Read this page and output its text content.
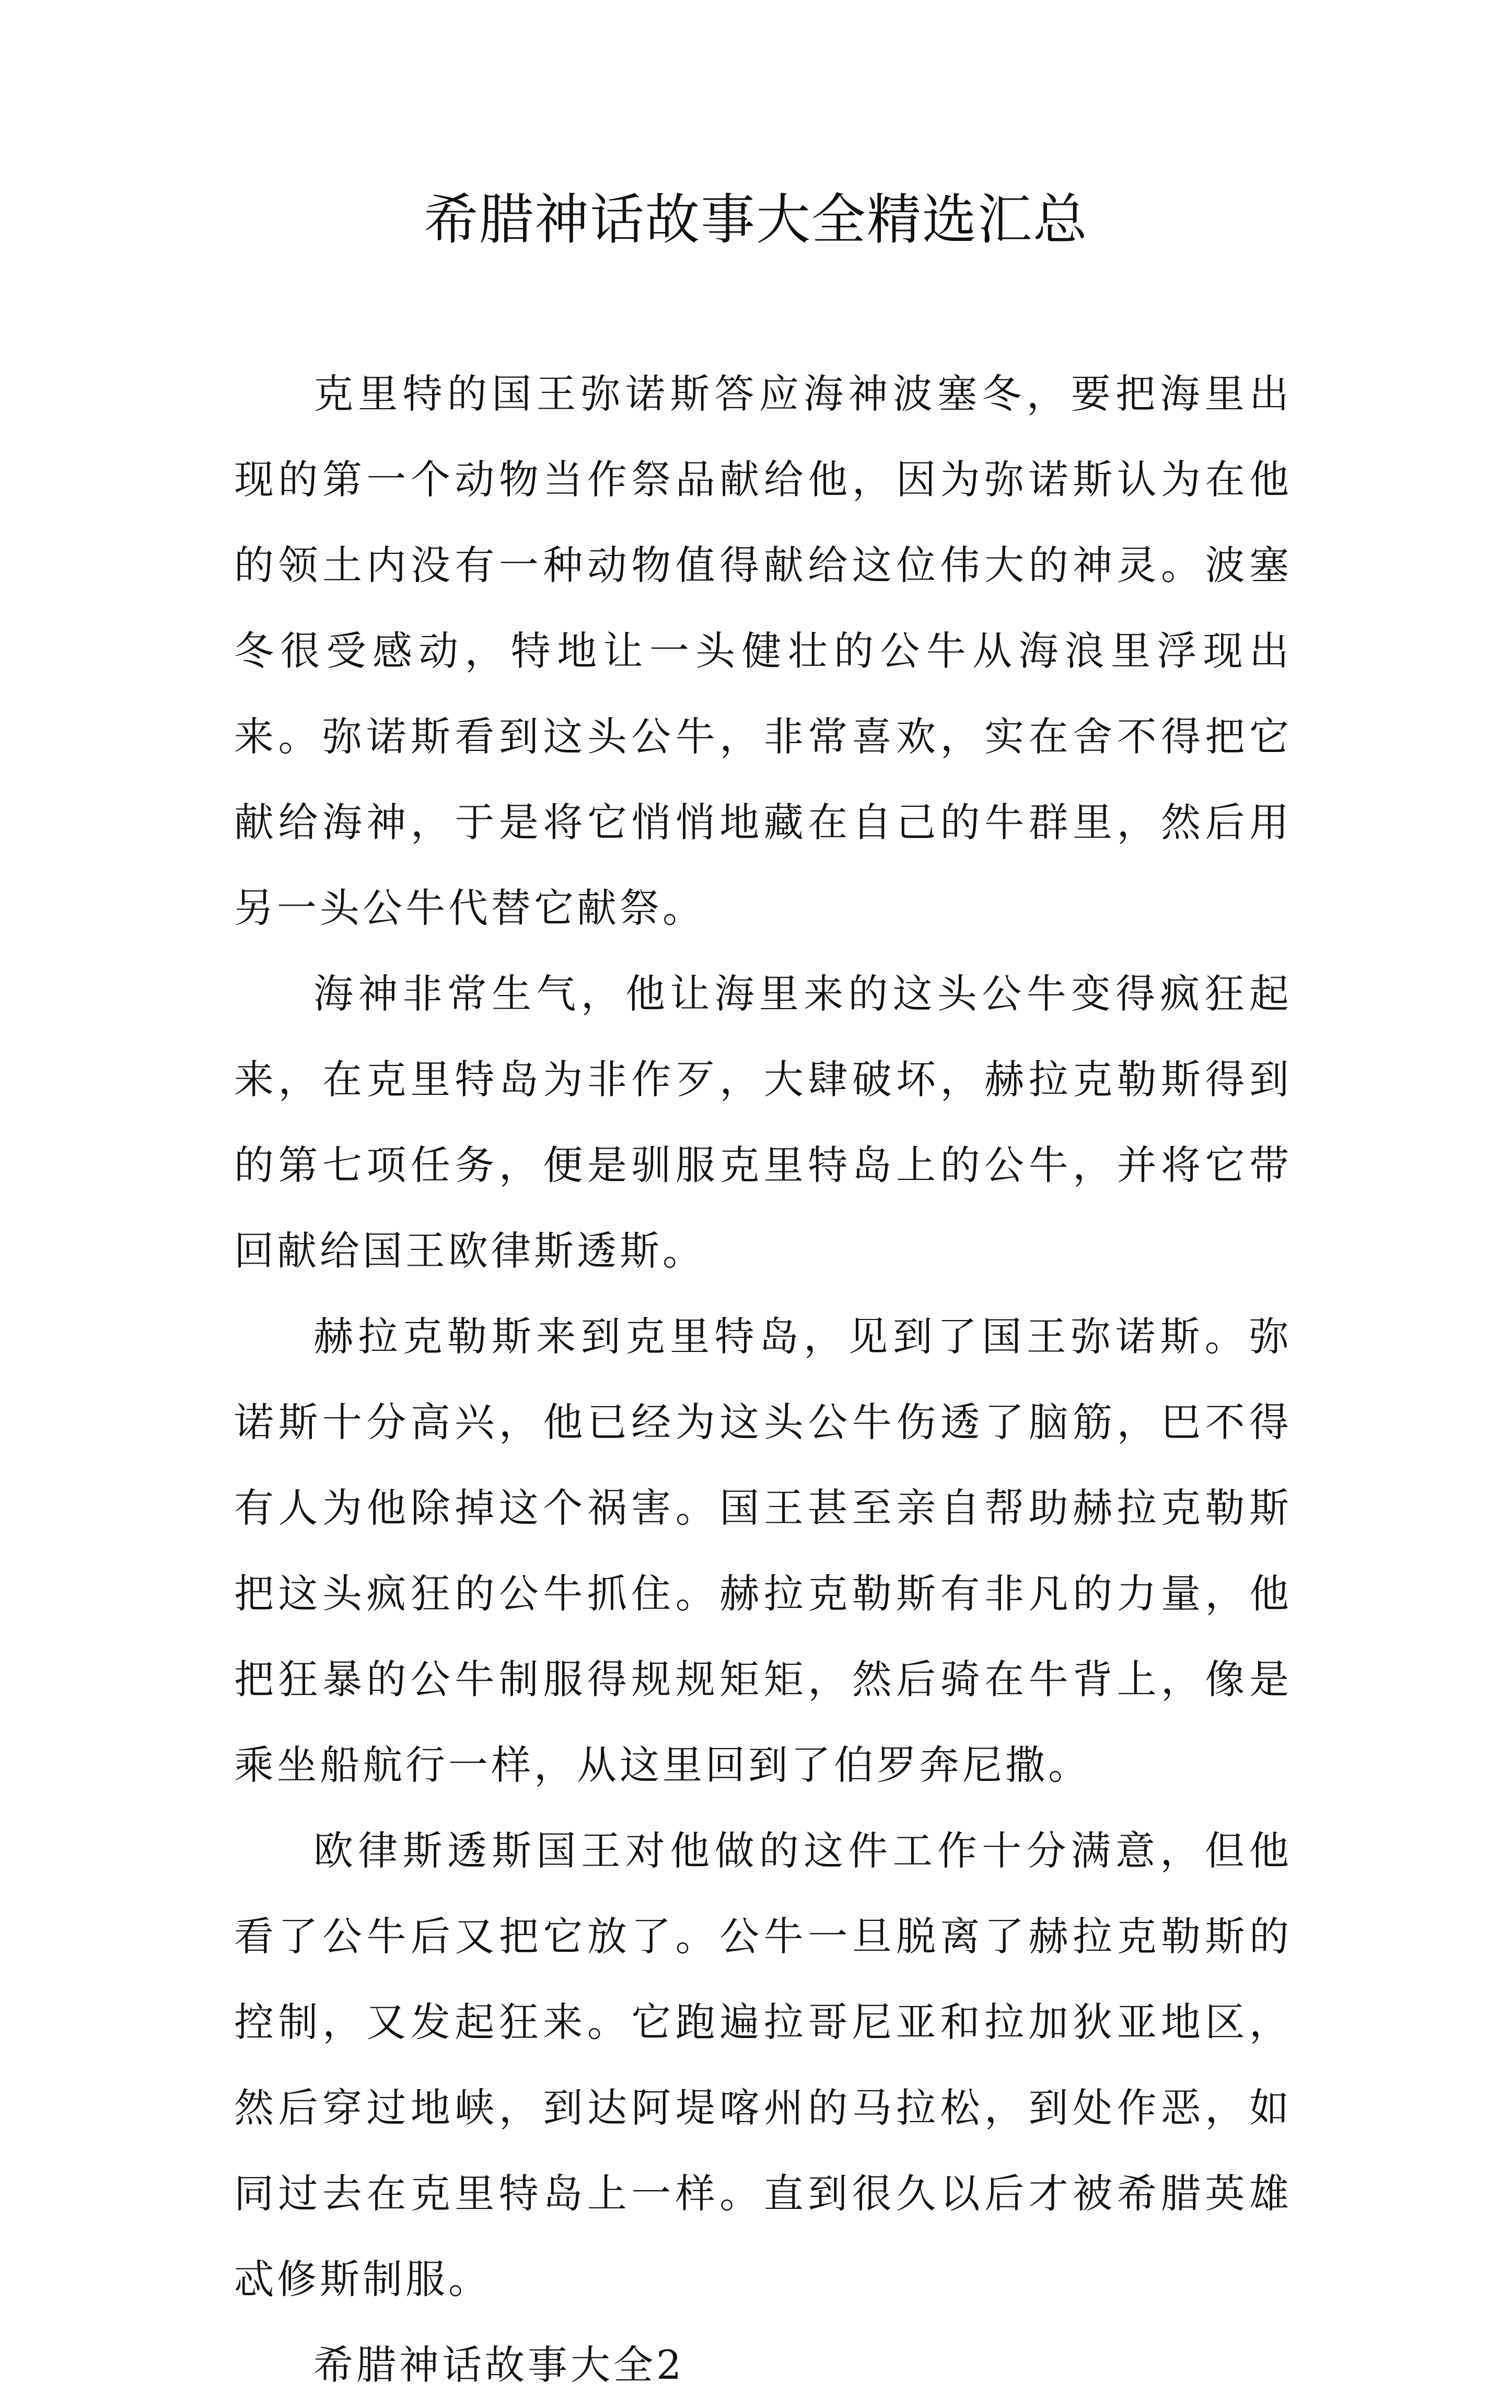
希腊神话故事大全精选汇总

克里特的国王弥诺斯答应海神波塞冬，要把海里出现的第一个动物当作祭品献给他，因为弥诺斯认为在他的领土内没有一种动物值得献给这位伟大的神灵。波塞冬很受感动，特地让一头健壮的公牛从海浪里浮现出来。弥诺斯看到这头公牛，非常喜欢，实在舍不得把它献给海神，于是将它悄悄地藏在自己的牛群里，然后用另一头公牛代替它献祭。

海神非常生气，他让海里来的这头公牛变得疯狂起来，在克里特岛为非作歹，大肆破坏，赫拉克勒斯得到的第七项任务，便是驯服克里特岛上的公牛，并将它带回献给国王欧律斯透斯。

赫拉克勒斯来到克里特岛，见到了国王弥诺斯。弥诺斯十分高兴，他已经为这头公牛伤透了脑筋，巴不得有人为他除掉这个祸害。国王甚至亲自帮助赫拉克勒斯把这头疯狂的公牛抓住。赫拉克勒斯有非凡的力量，他把狂暴的公牛制服得规规矩矩，然后骑在牛背上，像是乘坐船航行一样，从这里回到了伯罗奔尼撒。

欧律斯透斯国王对他做的这件工作十分满意，但他看了公牛后又把它放了。公牛一旦脱离了赫拉克勒斯的控制，又发起狂来。它跑遍拉哥尼亚和拉加狄亚地区，然后穿过地峡，到达阿堤喀州的马拉松，到处作恶，如同过去在克里特岛上一样。直到很久以后才被希腊英雄忒修斯制服。

希腊神话故事大全2
